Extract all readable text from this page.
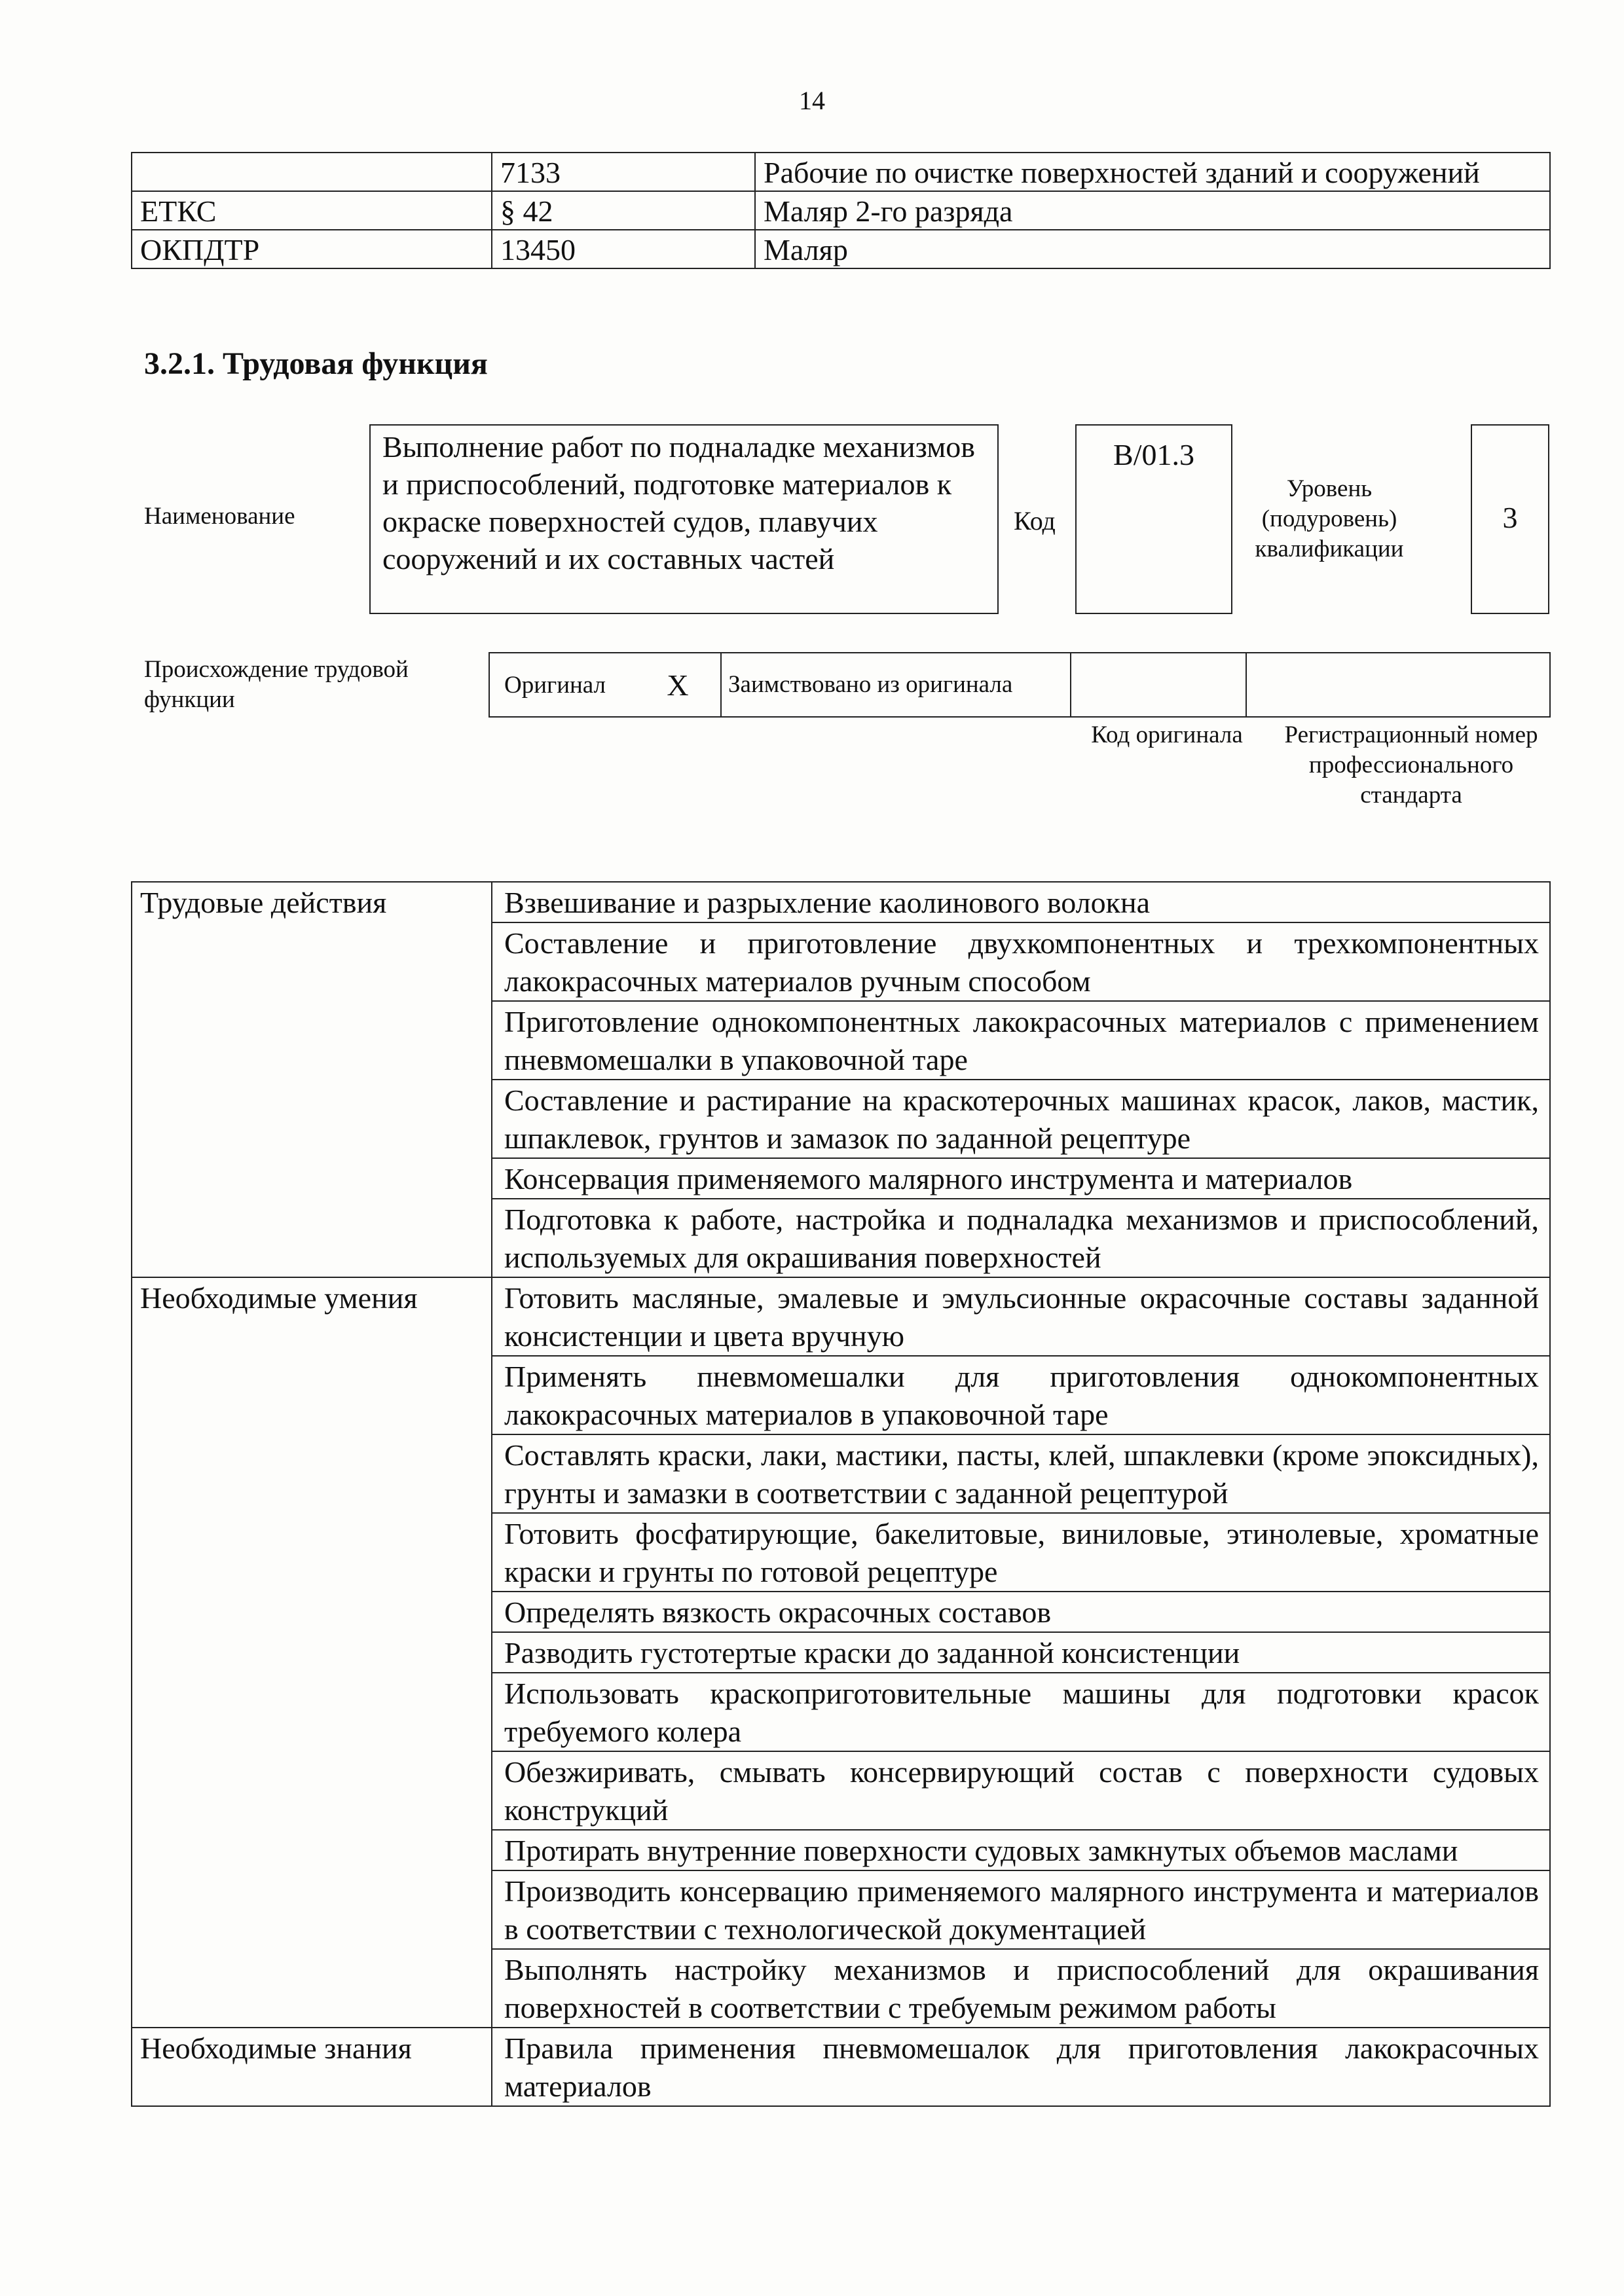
14
	7133	Рабочие по очистке поверхностей зданий и сооружений
ЕТКС	§ 42	Маляр 2-го разряда
ОКПДТР	13450	Маляр
3.2.1. Трудовая функция
Наименование
Выполнение работ по подналадке механизмов и приспособлений, подготовке материалов к окраске поверхностей судов, плавучих сооружений и их составных частей
Код
B/01.3
Уровень (подуровень) квалификации
3
Происхождение трудовой функции
Оригинал	X	Заимствовано из оригинала		
Код оригинала	Регистрационный номер профессионального стандарта
Трудовые действия	Взвешивание и разрыхление каолинового волокна
	Составление и приготовление двухкомпонентных и трехкомпонентных лакокрасочных материалов ручным способом
	Приготовление однокомпонентных лакокрасочных материалов с применением пневмомешалки в упаковочной таре
	Составление и растирание на краскотерочных машинах красок, лаков, мастик, шпаклевок, грунтов и замазок по заданной рецептуре
	Консервация применяемого малярного инструмента и материалов
	Подготовка к работе, настройка и подналадка механизмов и приспособлений, используемых для окрашивания поверхностей
Необходимые умения	Готовить масляные, эмалевые и эмульсионные окрасочные составы заданной консистенции и цвета вручную
	Применять пневмомешалки для приготовления однокомпонентных лакокрасочных материалов в упаковочной таре
	Составлять краски, лаки, мастики, пасты, клей, шпаклевки (кроме эпоксидных), грунты и замазки в соответствии с заданной рецептурой
	Готовить фосфатирующие, бакелитовые, виниловые, этинолевые, хроматные краски и грунты по готовой рецептуре
	Определять вязкость окрасочных составов
	Разводить густотертые краски до заданной консистенции
	Использовать краскоприготовительные машины для подготовки красок требуемого колера
	Обезжиривать, смывать консервирующий состав с поверхности судовых конструкций
	Протирать внутренние поверхности судовых замкнутых объемов маслами
	Производить консервацию применяемого малярного инструмента и материалов в соответствии с технологической документацией
	Выполнять настройку механизмов и приспособлений для окрашивания поверхностей в соответствии с требуемым режимом работы
Необходимые знания	Правила применения пневмомешалок для приготовления лакокрасочных материалов
